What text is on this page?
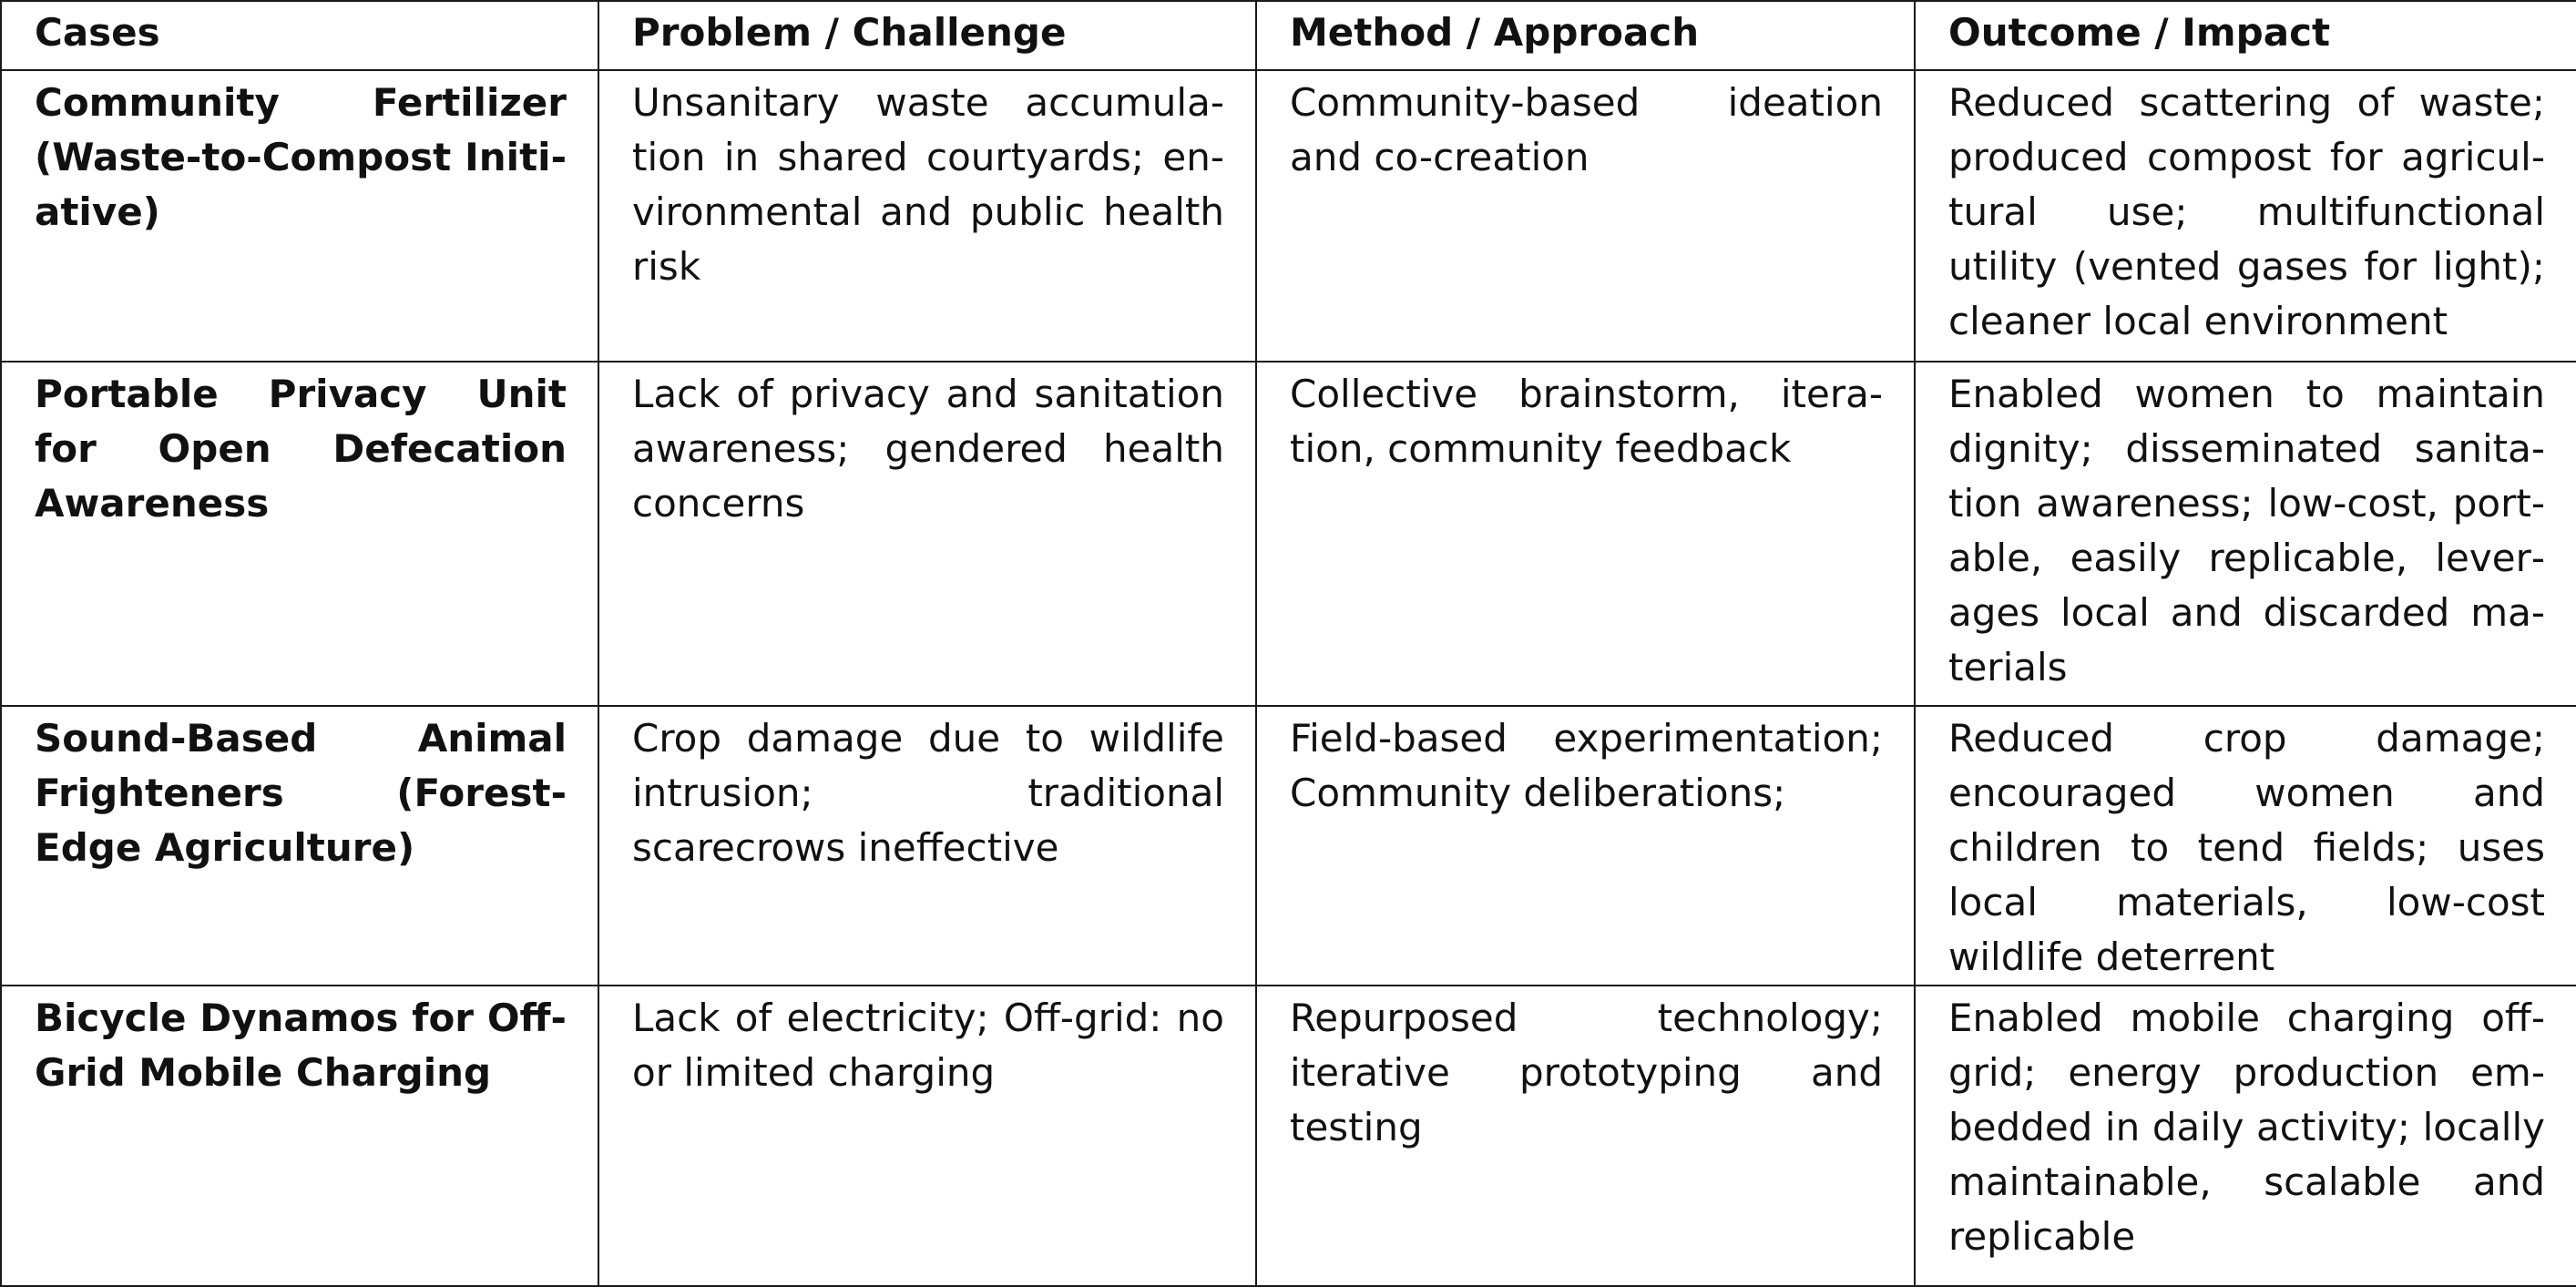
Cases	Problem / Challenge	Method / Approach	Outcome / Impact
Community Fertilizer (Waste-to-Compost Initiative)	Unsanitary waste accumulation in shared courtyards; environmental and public health risk	Community-based ideation and co-creation	Reduced scattering of waste; produced compost for agricultural use; multifunctional utility (vented gases for light); cleaner local environment
Portable Privacy Unit for Open Defecation Awareness	Lack of privacy and sanitation awareness; gendered health concerns	Collective brainstorm, iteration, community feedback	Enabled women to maintain dignity; disseminated sanitation awareness; low-cost, portable, easily replicable, leverages local and discarded materials
Sound-Based Animal Frighteners (Forest-Edge Agriculture)	Crop damage due to wildlife intrusion; traditional scarecrows ineffective	Field-based experimentation; Community deliberations;	Reduced crop damage; encouraged women and children to tend fields; uses local materials, low-cost wildlife deterrent
Bicycle Dynamos for Off-Grid Mobile Charging	Lack of electricity; Off-grid: no or limited charging	Repurposed technology; iterative prototyping and testing	Enabled mobile charging off-grid; energy production embedded in daily activity; locally maintainable, scalable and replicable
